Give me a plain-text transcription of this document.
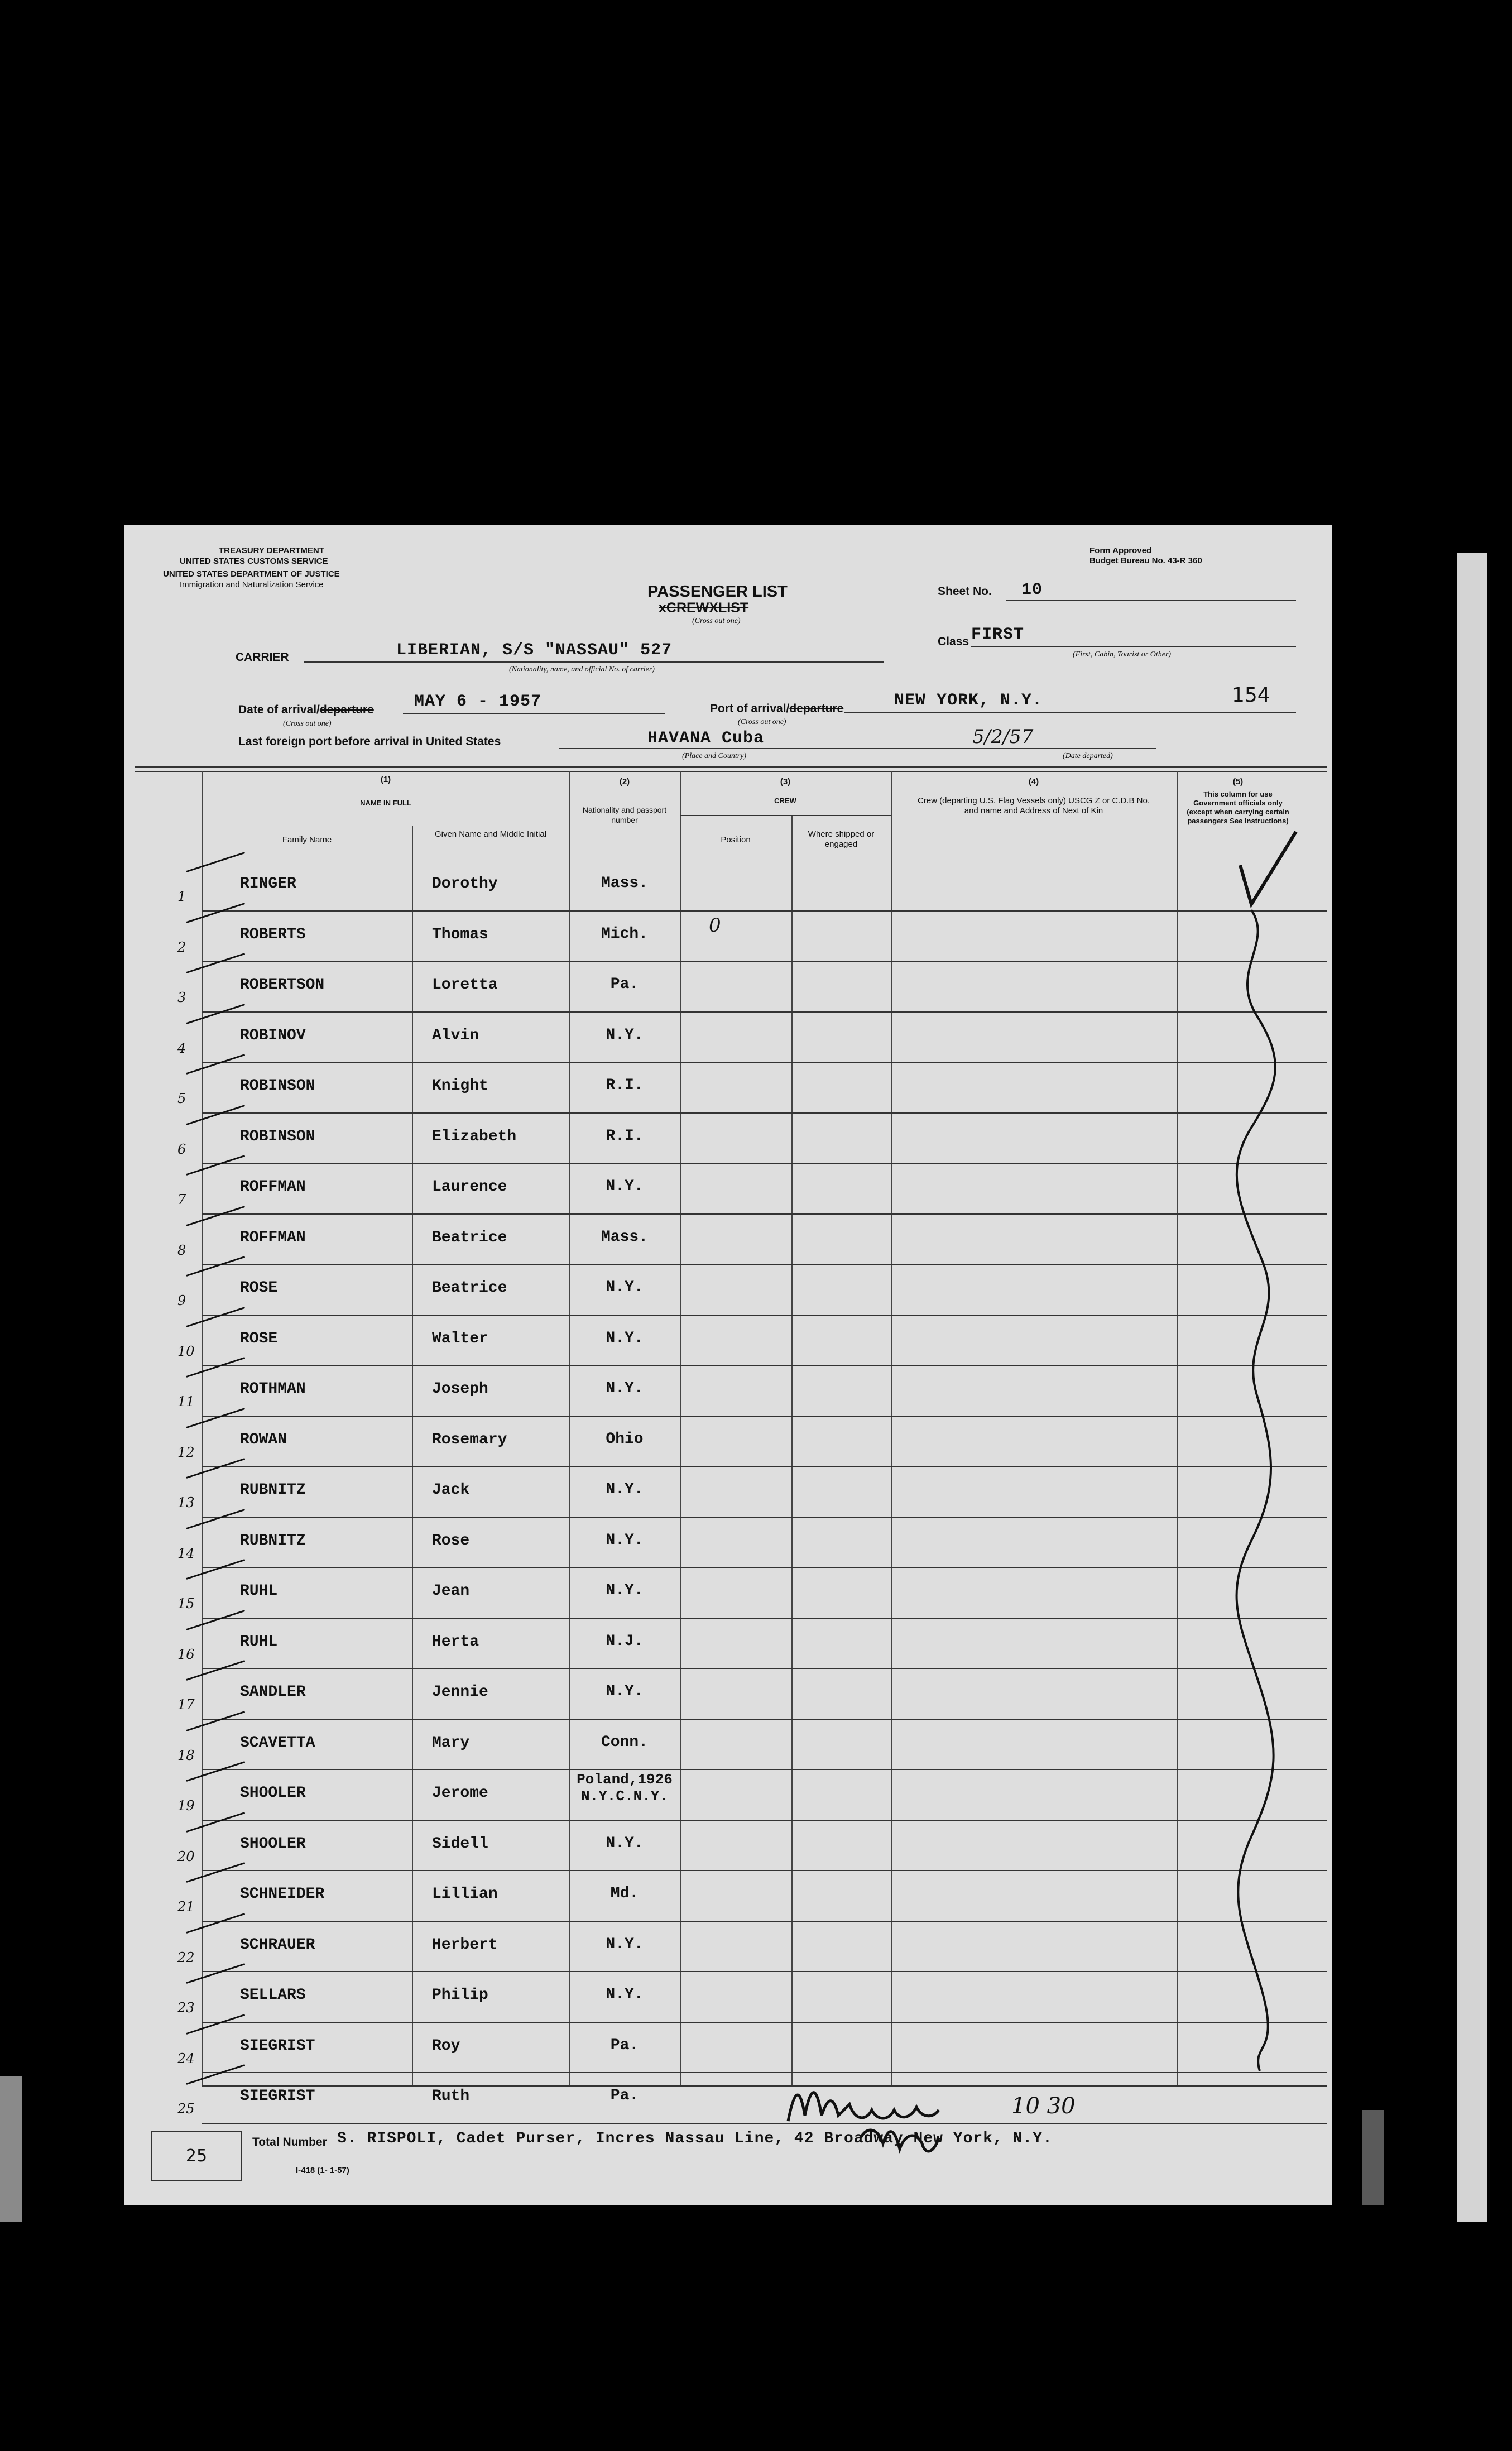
TREASURY DEPARTMENT
UNITED STATES CUSTOMS SERVICE
UNITED STATES DEPARTMENT OF JUSTICE
Immigration and Naturalization Service
Form Approved
Budget Bureau No. 43-R 360
PASSENGER LIST
xCREWXLIST
(Cross out one)
Sheet No. 10
CARRIER	LIBERIAN, S/S "NASSAU" 527
(Nationality, name, and official No. of carrier)
Class FIRST
(First, Cabin, Tourist or Other)
Date of arrival/departure
(Cross out one)
MAY 6 - 1957	Port of arrival/departure
(Cross out one)
NEW YORK, N.Y.	154
Last foreign port before arrival in United States	HAVANA Cuba
(Place and Country)
5/2/57
(Date departed)
(1)
NAME IN FULL
Family Name
Given Name and Middle Initial
(2)
Nationality and passport number
(3)
CREW
Position
Where shipped or engaged
(4)
Crew (departing U.S. Flag Vessels only) USCG Z or C.D.B No. and name and Address of Next of Kin
(5)
This column for use Government officials only (except when carrying certain passengers See Instructions)
1
RINGER	Dorothy	Mass.
2
ROBERTS	Thomas	Mich.
3
ROBERTSON	Loretta	Pa.
4
ROBINOV	Alvin	N.Y.
5
ROBINSON	Knight	R.I.
6
ROBINSON	Elizabeth	R.I.
7
ROFFMAN	Laurence	N.Y.
8
ROFFMAN	Beatrice	Mass.
9
ROSE	Beatrice	N.Y.
10
ROSE	Walter	N.Y.
11
ROTHMAN	Joseph	N.Y.
12
ROWAN	Rosemary	Ohio
13
RUBNITZ	Jack	N.Y.
14
RUBNITZ	Rose	N.Y.
15
RUHL	Jean	N.Y.
16
RUHL	Herta	N.J.
17
SANDLER	Jennie	N.Y.
18
SCAVETTA	Mary	Conn.
19
SHOOLER	Jerome
Poland,1926 N.Y.C.N.Y.
20
SHOOLER	Sidell	N.Y.
21
SCHNEIDER	Lillian	Md.
22
SCHRAUER	Herbert	N.Y.
23
SELLARS	Philip	N.Y.
24
SIEGRIST	Roy	Pa.
25
SIEGRIST	Ruth	Pa.
0
10 30
25
Total Number S. RISPOLI, Cadet Purser, Incres Nassau Line, 42 Broadway New York, N.Y.
I-418 (1- 1-57)
